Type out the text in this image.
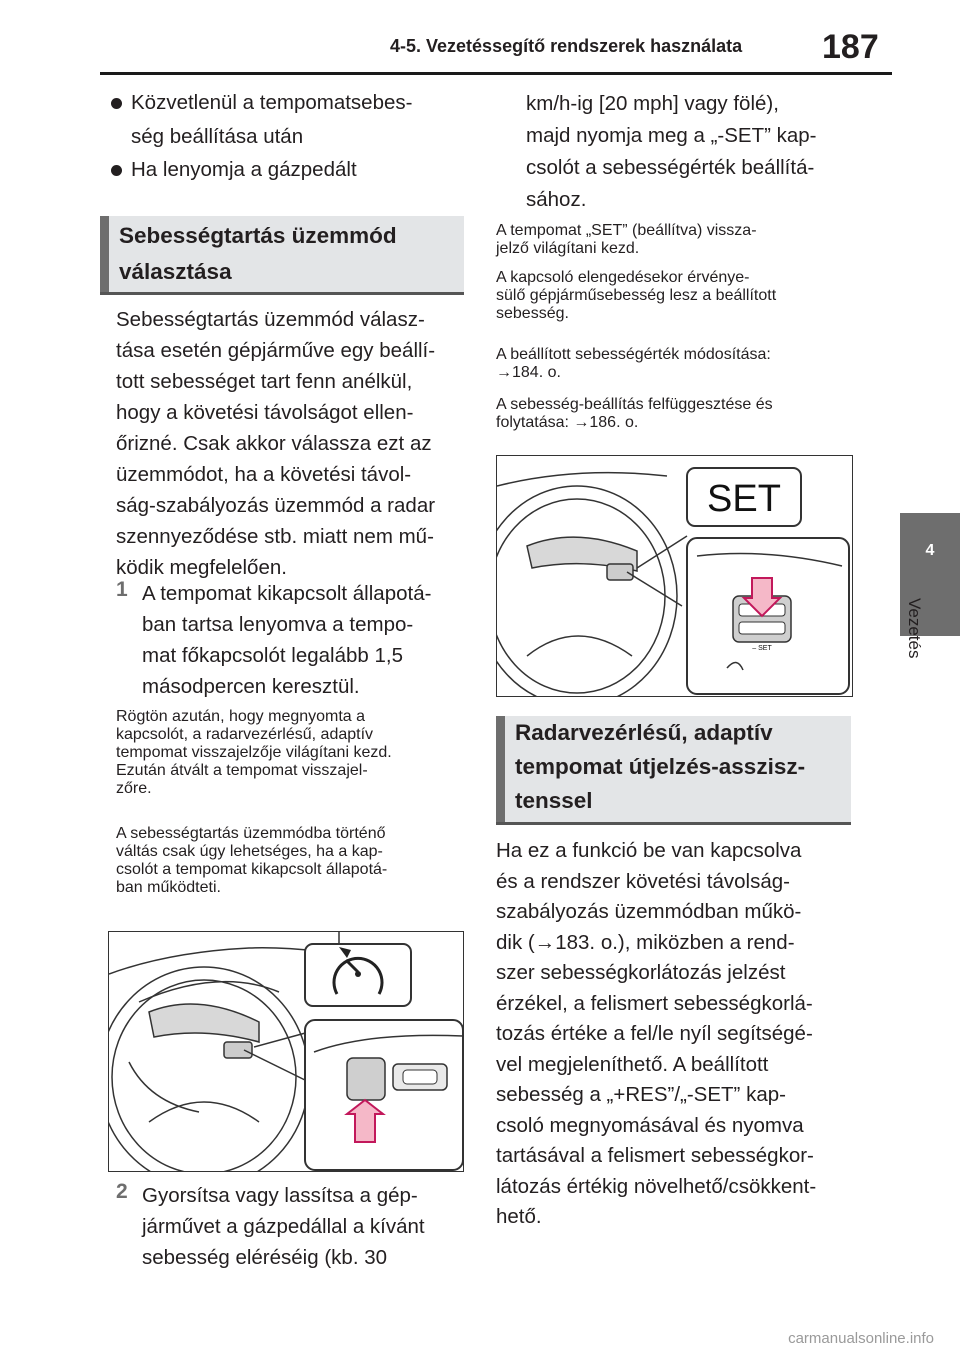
4-5. Vezetéssegítő rendszerek használata 187
4
Vezetés
Közvetlenül a tempomatsebes-
ség beállítása után
Ha lenyomja a gázpedált
Sebességtartás üzemmód
választása
Sebességtartás üzemmód válasz-
tása esetén gépjárműve egy beállí-
tott sebességet tart fenn anélkül,
hogy a követési távolságot ellen-
őrizné. Csak akkor válassza ezt az
üzemmódot, ha a követési távol-
ság-szabályozás üzemmód a radar
szennyeződése stb. miatt nem mű-
ködik megfelelően.
1 A tempomat kikapcsolt állapotá-
ban tartsa lenyomva a tempo-
mat főkapcsolót legalább 1,5
másodpercen keresztül.
Rögtön azután, hogy megnyomta a
kapcsolót, a radarvezérlésű, adaptív
tempomat visszajelzője világítani kezd.
Ezután átvált a tempomat visszajel-
zőre.
A sebességtartás üzemmódba történő
váltás csak úgy lehetséges, ha a kap-
csolót a tempomat kikapcsolt állapotá-
ban működteti.
2 Gyorsítsa vagy lassítsa a gép-
járművet a gázpedállal a kívánt
sebesség eléréséig (kb. 30
km/h-ig [20 mph] vagy fölé),
majd nyomja meg a „-SET” kap-
csolót a sebességérték beállítá-
sához.
A tempomat „SET” (beállítva) vissza-
jelző világítani kezd.
A kapcsoló elengedésekor érvénye-
sülő gépjárműsebesség lesz a beállított
sebesség.
A beállított sebességérték módosítása:
→184. o.
A sebesség-beállítás felfüggesztése és
folytatása: →186. o.
SET
– SET
Radarvezérlésű, adaptív
tempomat útjelzés-asszisz-
tenssel
Ha ez a funkció be van kapcsolva
és a rendszer követési távolság-
szabályozás üzemmódban műkö-
dik (→183. o.), miközben a rend-
szer sebességkorlátozás jelzést
érzékel, a felismert sebességkorlá-
tozás értéke a fel/le nyíl segítségé-
vel megjeleníthető. A beállított
sebesség a „+RES”/„-SET” kap-
csoló megnyomásával és nyomva
tartásával a felismert sebességkor-
látozás értékig növelhető/csökkent-
hető.
carmanualsonline.info
